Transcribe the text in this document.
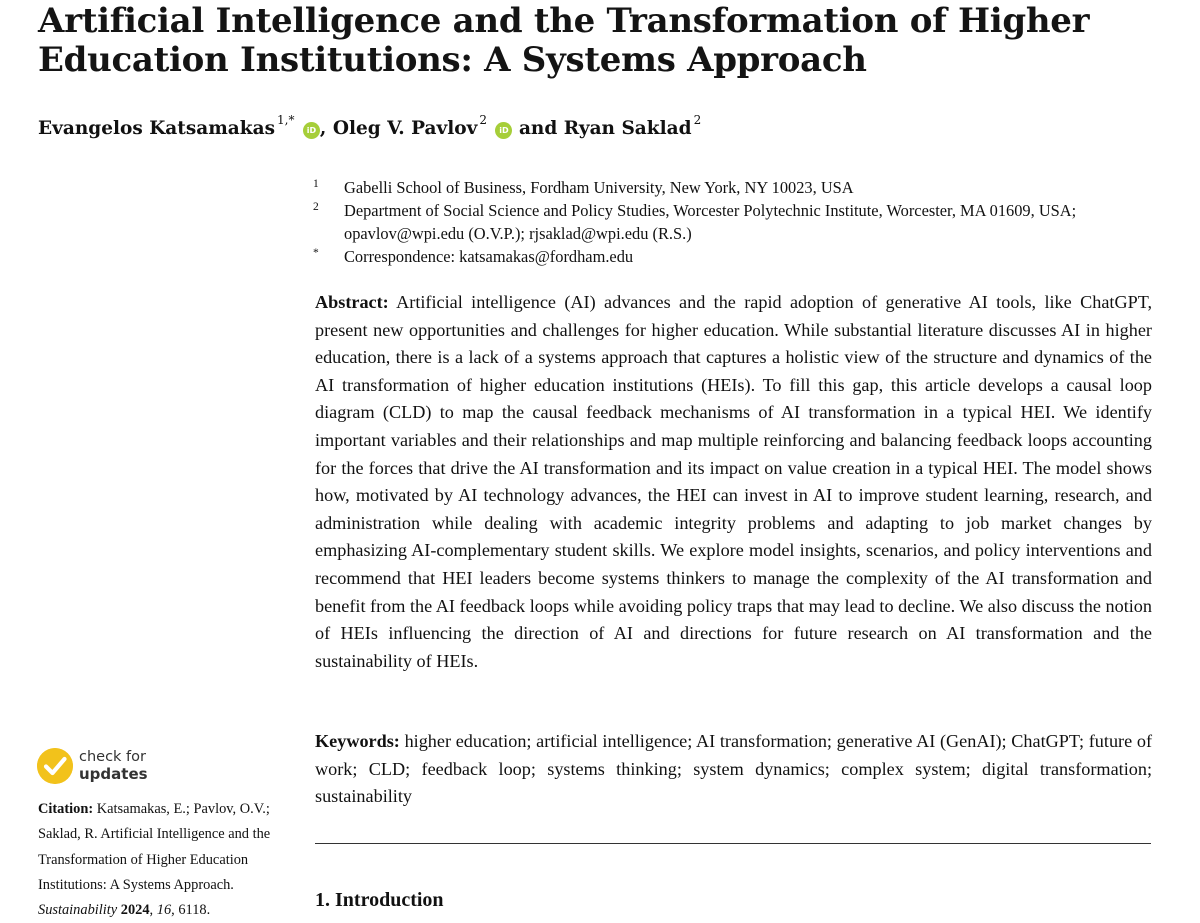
Artificial Intelligence and the Transformation of Higher Education Institutions: A Systems Approach
Evangelos Katsamakas $^{1,*}$ iD , Oleg V. Pavlov $^2$ iD and Ryan Saklad $^2$
1	Gabelli School of Business, Fordham University, New York, NY 10023, USA
2	Department of Social Science and Policy Studies, Worcester Polytechnic Institute, Worcester, MA 01609, USA; opavlov@wpi.edu (O.V.P.); rjsaklad@wpi.edu (R.S.)
*	Correspondence: katsamakas@fordham.edu

Abstract: Artificial intelligence (AI) advances and the rapid adoption of generative AI tools, like ChatGPT, present new opportunities and challenges for higher education. While substantial literature discusses AI in higher education, there is a lack of a systems approach that captures a holistic view of the structure and dynamics of the AI transformation of higher education institutions (HEIs). To fill this gap, this article develops a causal loop diagram (CLD) to map the causal feedback mechanisms of AI transformation in a typical HEI. We identify important variables and their relationships and map multiple reinforcing and balancing feedback loops accounting for the forces that drive the AI transformation and its impact on value creation in a typical HEI. The model shows how, motivated by AI technology advances, the HEI can invest in AI to improve student learning, research, and administration while dealing with academic integrity problems and adapting to job market changes by emphasizing AI-complementary student skills. We explore model insights, scenarios, and policy interventions and recommend that HEI leaders become systems thinkers to manage the complexity of the AI transformation and benefit from the AI feedback loops while avoiding policy traps that may lead to decline. We also discuss the notion of HEIs influencing the direction of AI and directions for future research on AI transformation and the sustainability of HEIs.

Keywords: higher education; artificial intelligence; AI transformation; generative AI (GenAI); ChatGPT; future of work; CLD; feedback loop; systems thinking; system dynamics; complex system; digital transformation; sustainability

1. Introduction
check for
updates

Citation: Katsamakas, E.; Pavlov, O.V.; Saklad, R. Artificial Intelligence and the Transformation of Higher Education Institutions: A Systems Approach. Sustainability 2024, 16, 6118.
